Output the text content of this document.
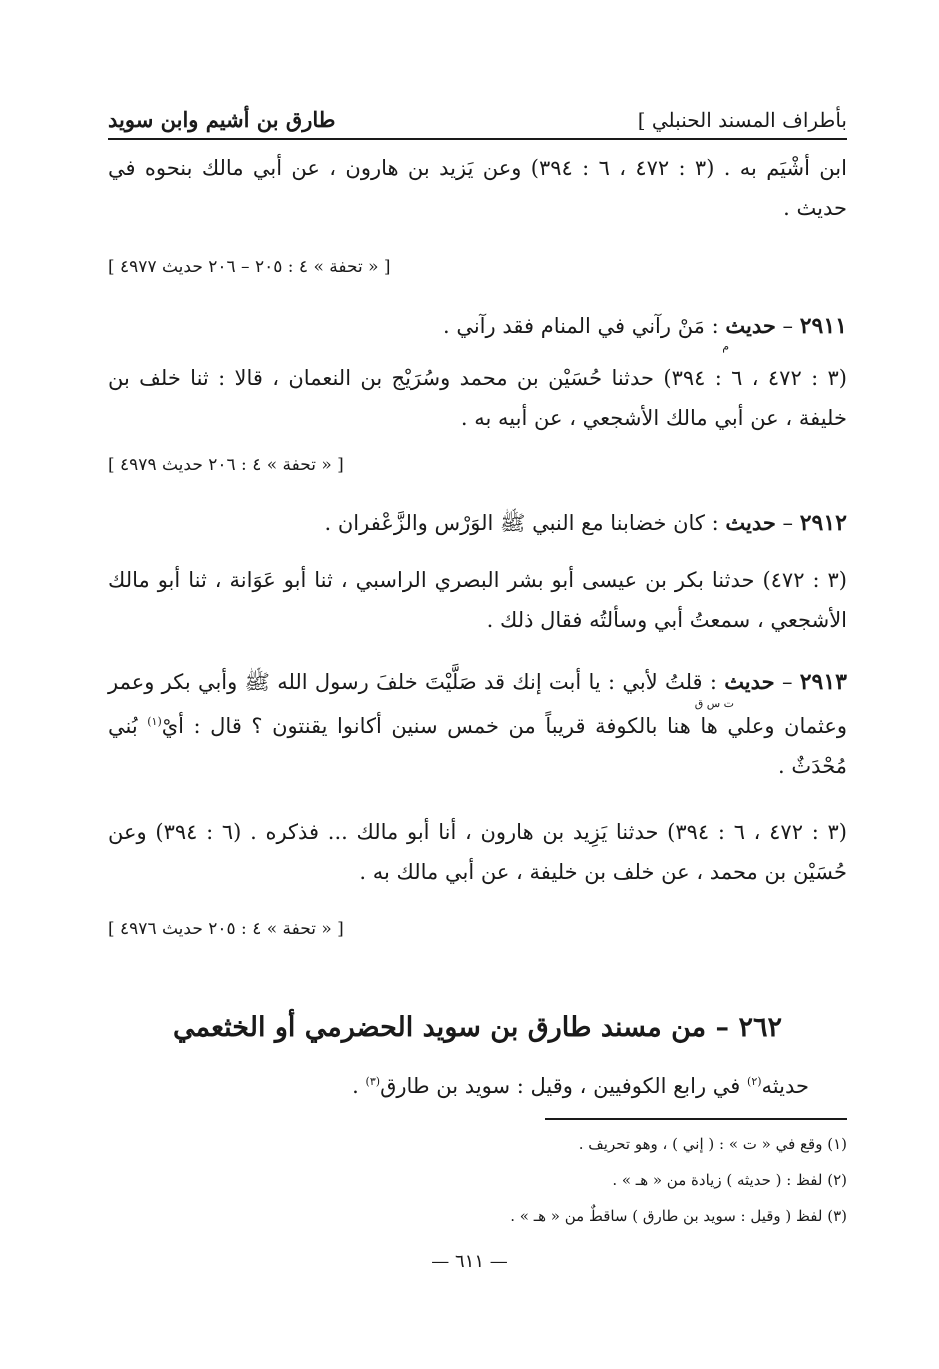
بأطراف المسند الحنبلي ]
طارق بن أشيم وابن سويد
ابن أشْيَم به . (٣ : ٤٧٢ ، ٦ : ٣٩٤) وعن يَزيد بن هارون ، عن أبي مالك بنحوه في حديث .
[ « تحفة » ٤ : ٢٠٥ – ٢٠٦ حديث ٤٩٧٧ ]
٢٩١١ – حديث : مَنْ رآني في المنام فقد رآني .
م
(٣ : ٤٧٢ ، ٦ : ٣٩٤) حدثنا حُسَيْن بن محمد وسُرَيْج بن النعمان ، قالا : ثنا خلف بن خليفة ، عن أبي مالك الأشجعي ، عن أبيه به .
[ « تحفة » ٤ : ٢٠٦ حديث ٤٩٧٩ ]
٢٩١٢ – حديث : كان خضابنا مع النبي ﷺ الوَرْس والزَّعْفران .
(٣ : ٤٧٢) حدثنا بكر بن عيسى أبو بشر البصري الراسبي ، ثنا أبو عَوَانة ، ثنا أبو مالك الأشجعي ، سمعتُ أبي وسألتُه فقال ذلك .
٢٩١٣ – حديث : قلتُ لأبي : يا أبت إنك قد صَلَّيْتَ خلفَ رسول الله ﷺ وأبي بكر وعمر وعثمان وعلي ها هنا بالكوفة قريباً من خمس سنين أكانوا يقنتون ؟ قال : أيْ$^{(١)}$ بُني مُحْدَثٌ .
ت س ق
(٣ : ٤٧٢ ، ٦ : ٣٩٤) حدثنا يَزِيد بن هارون ، أنا أبو مالك ... فذكره . (٦ : ٣٩٤) وعن حُسَيْن بن محمد ، عن خلف بن خليفة ، عن أبي مالك به .
[ « تحفة » ٤ : ٢٠٥ حديث ٤٩٧٦ ]
٢٦٢ – من مسند طارق بن سويد الحضرمي أو الخثعمي
حديثه$^{(٢)}$ في رابع الكوفيين ، وقيل : سويد بن طارق$^{(٣)}$ .
(١) وقع في « ت » : ( إني ) ، وهو تحريف .
(٢) لفظ : ( حديثه ) زيادة من « هـ » .
(٣) لفظ ( وقيل : سويد بن طارق ) ساقطٌ من « هـ » .
— ٦١١ —
